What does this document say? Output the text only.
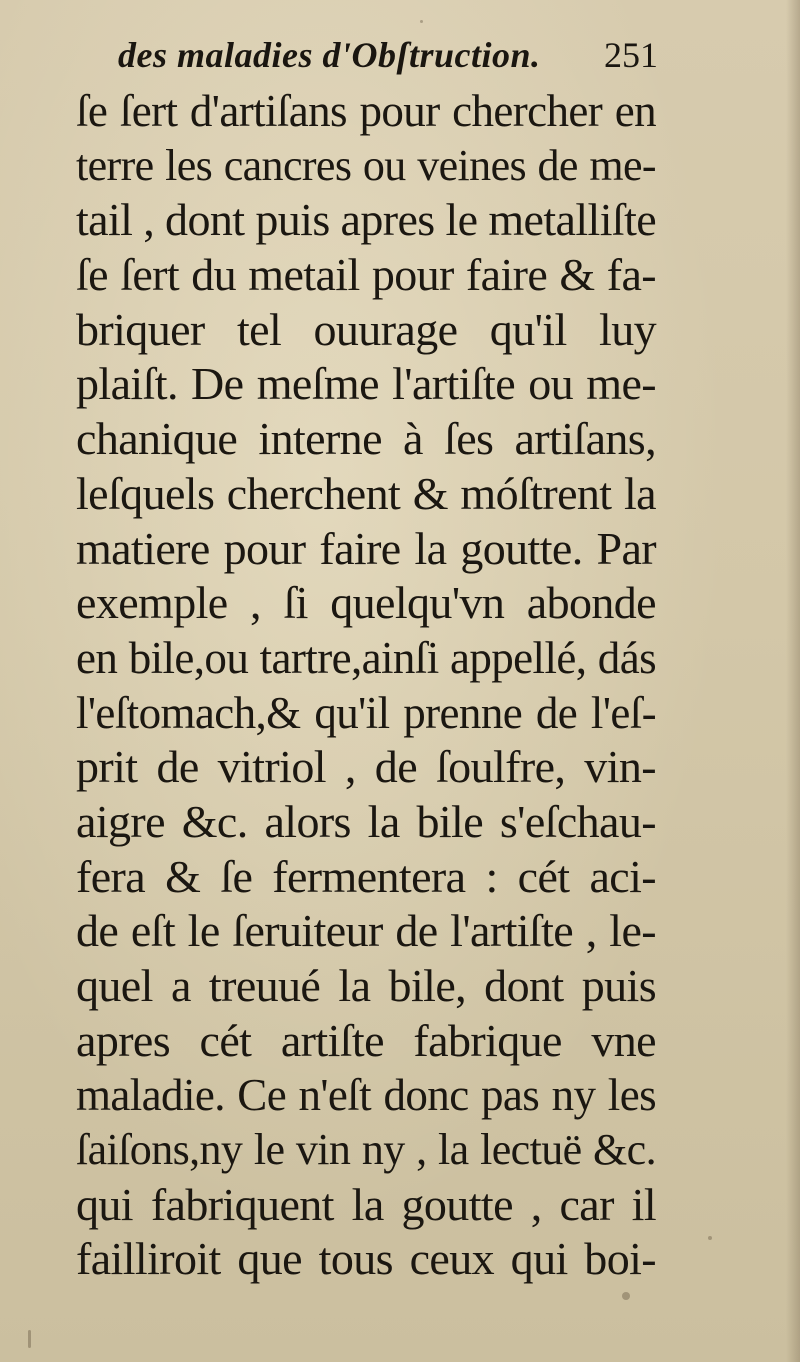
des maladies d'Obſtruction. 251
ſe ſert d'artiſans pour chercher en
terre les cancres ou veines de me-
tail , dont puis apres le metalliſte
ſe ſert du metail pour faire & fa-
briquer tel ouurage qu'il luy
plaiſt. De meſme l'artiſte ou me-
chanique interne à ſes artiſans,
leſquels cherchent & móſtrent la
matiere pour faire la goutte. Par
exemple , ſi quelqu'vn abonde
en bile,ou tartre,ainſi appellé, dás
l'eſtomach,& qu'il prenne de l'eſ-
prit de vitriol , de ſoulfre, vin-
aigre &c. alors la bile s'eſchau-
fera & ſe fermentera : cét aci-
de eſt le ſeruiteur de l'artiſte , le-
quel a treuué la bile, dont puis
apres cét artiſte fabrique vne
maladie. Ce n'eſt donc pas ny les
ſaiſons,ny le vin ny , la lectuë &c.
qui fabriquent la goutte , car il
failliroit que tous ceux qui boi-
